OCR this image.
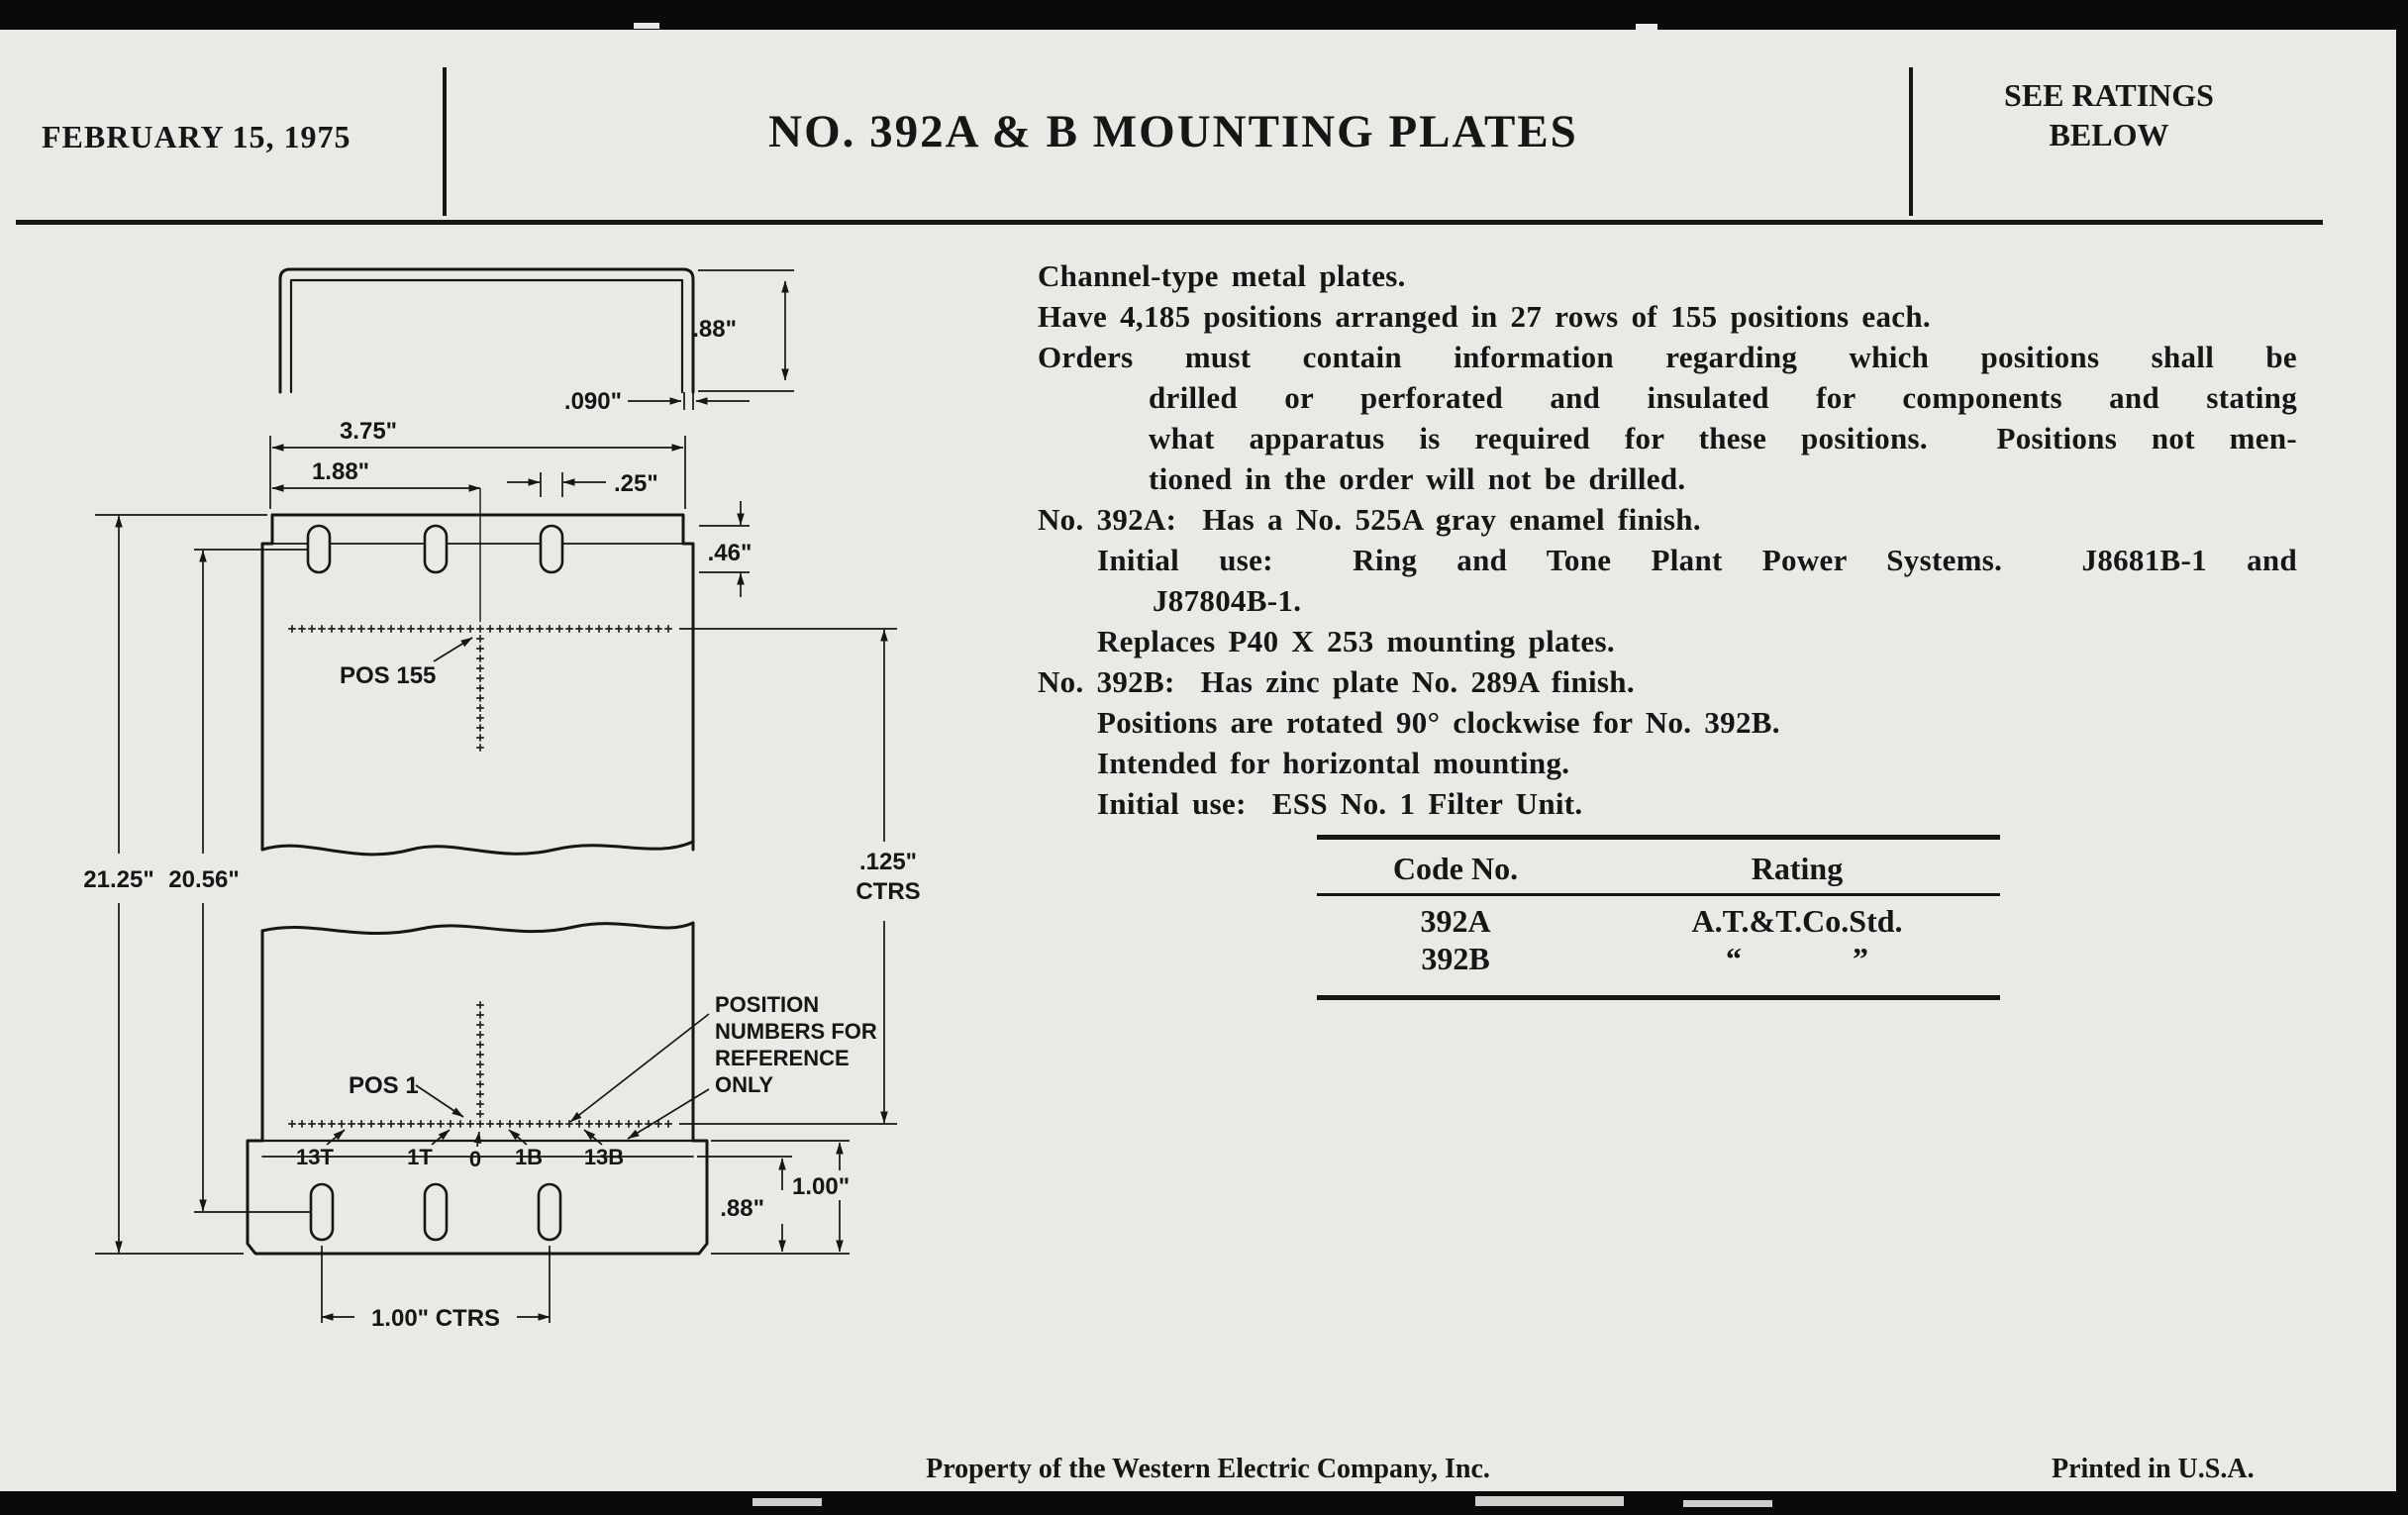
FEBRUARY 15, 1975	NO. 392A & B MOUNTING PLATES
SEE RATINGS
BELOW
.88"
.090"
3.75"
1.88"	.25"
.46"
POS 155
21.25" 20.56"
.125"
CTRS
POSITION
NUMBERS FOR
REFERENCE
ONLY
POS 1
13T	1T 0 1B 13B
.88"
1.00"
1.00" CTRS
Channel-type metal plates.
Have 4,185 positions arranged in 27 rows of 155 positions each.
Orders must contain information regarding which positions shall be
drilled or perforated and insulated for components and stating
what apparatus is required for these positions.  Positions not men-
tioned in the order will not be drilled.
No. 392A:  Has a No. 525A gray enamel finish.
Initial use:  Ring and Tone Plant Power Systems.  J8681B-1 and
J87804B-1.
Replaces P40 X 253 mounting plates.
No. 392B:  Has zinc plate No. 289A finish.
Positions are rotated 90° clockwise for No. 392B.
Intended for horizontal mounting.
Initial use:  ESS No. 1 Filter Unit.
Code No.	Rating
392A	A.T.&T.Co.Std.
392B	“              ”
Property of the Western Electric Company, Inc.	Printed in U.S.A.
